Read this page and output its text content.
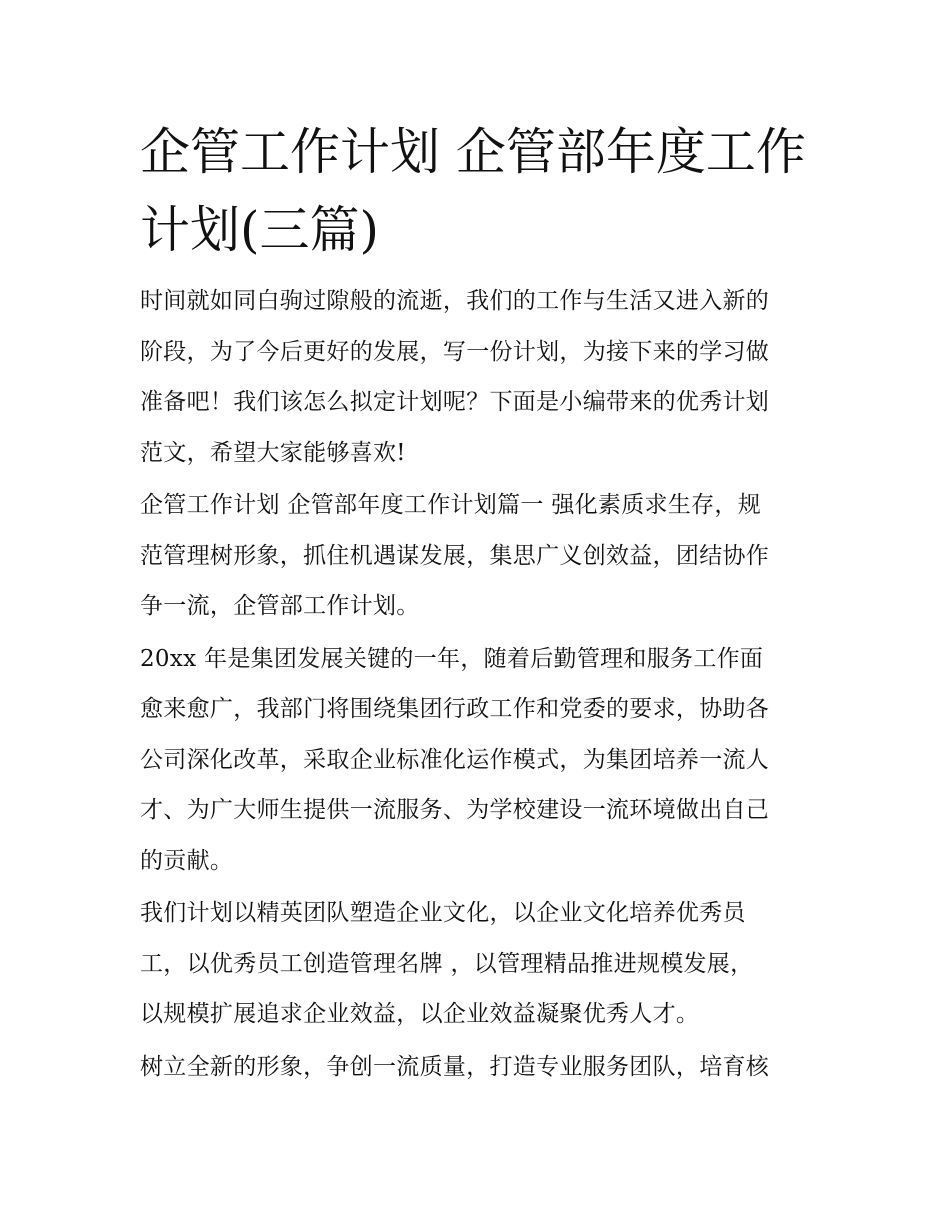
企管工作计划 企管部年度工作
计划(三篇)

时间就如同白驹过隙般的流逝，我们的工作与生活又进入新的
阶段，为了今后更好的发展，写一份计划，为接下来的学习做
准备吧！我们该怎么拟定计划呢？下面是小编带来的优秀计划
范文，希望大家能够喜欢!

企管工作计划 企管部年度工作计划篇一 强化素质求生存，规
范管理树形象，抓住机遇谋发展，集思广义创效益，团结协作
争一流，企管部工作计划。

20xx 年是集团发展关键的一年，随着后勤管理和服务工作面
愈来愈广，我部门将围绕集团行政工作和党委的要求，协助各
公司深化改革，采取企业标准化运作模式，为集团培养一流人
才、为广大师生提供一流服务、为学校建设一流环境做出自己
的贡献。

我们计划以精英团队塑造企业文化，以企业文化培养优秀员
工，以优秀员工创造管理名牌 ，以管理精品推进规模发展，
以规模扩展追求企业效益，以企业效益凝聚优秀人才。

树立全新的形象，争创一流质量，打造专业服务团队，培育核
